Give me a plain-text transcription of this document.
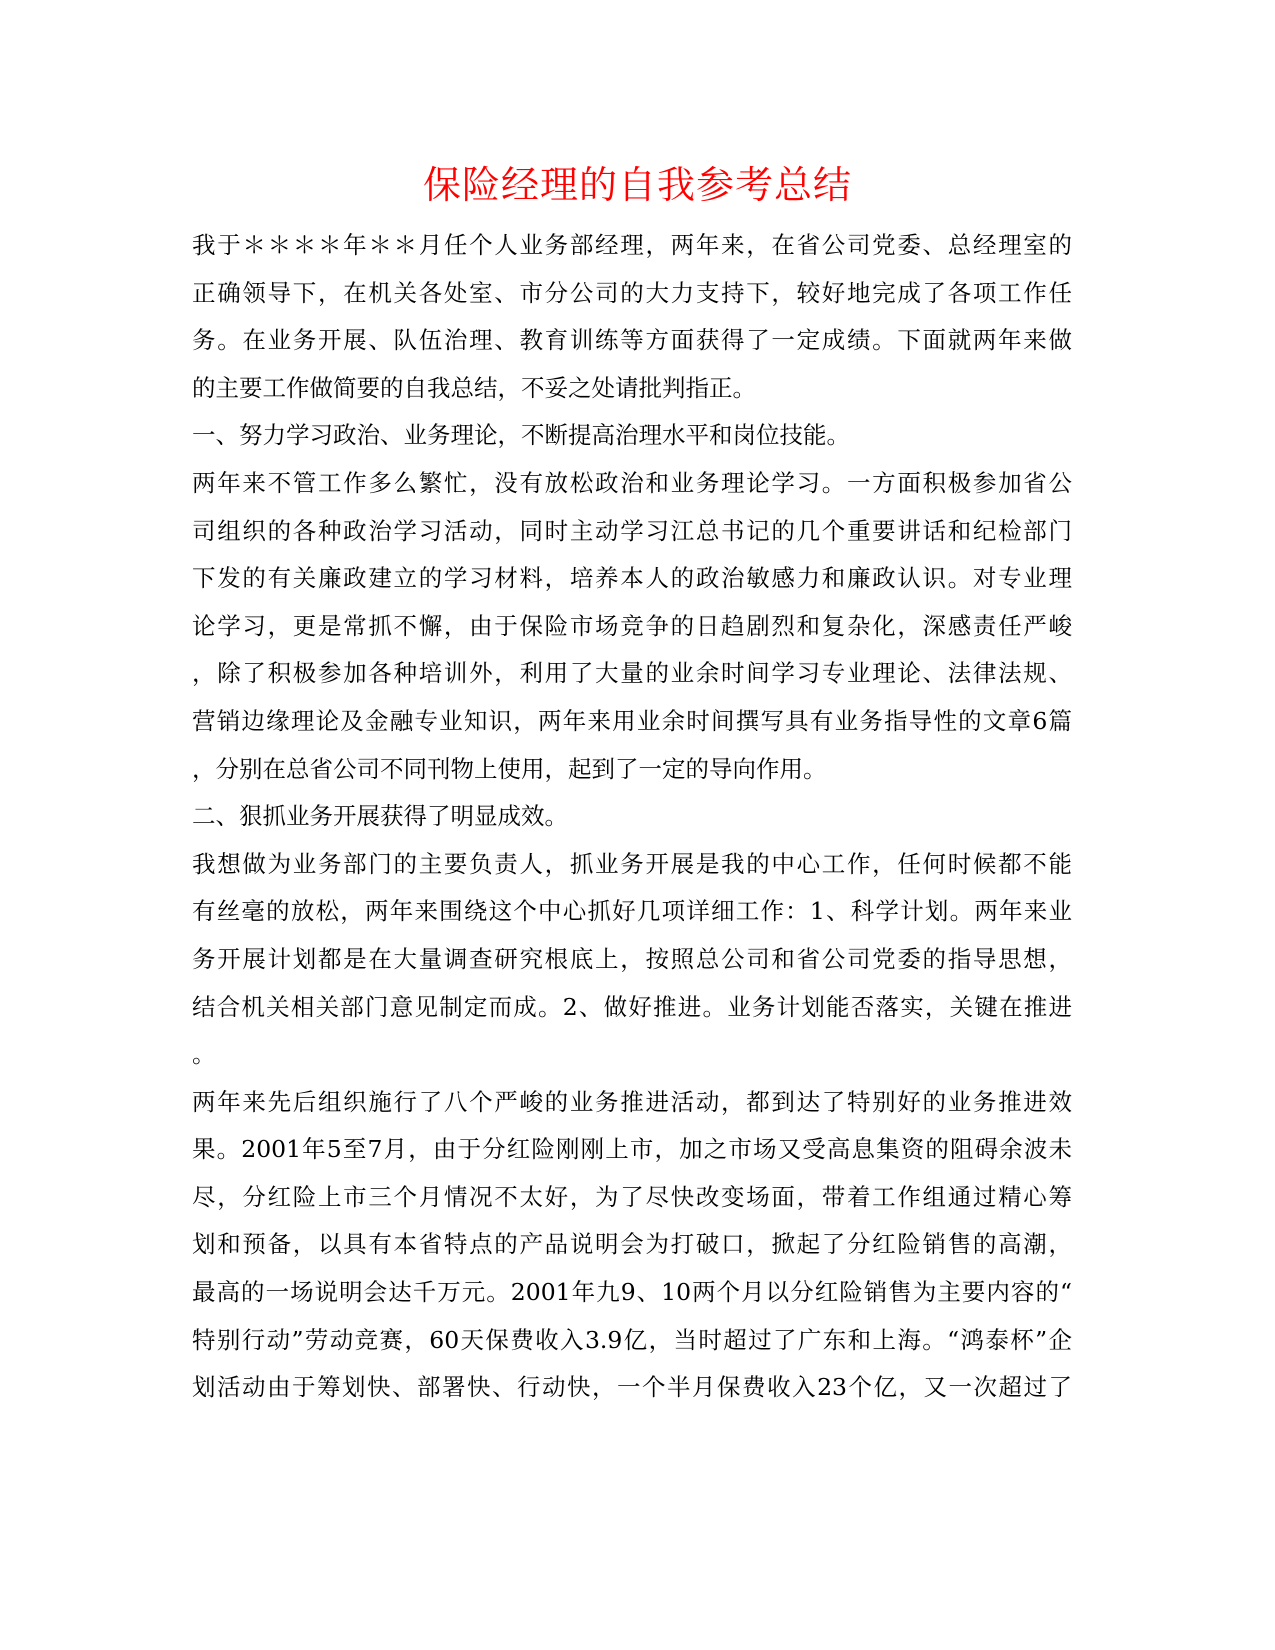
保险经理的自我参考总结
我于＊＊＊＊年＊＊月任个人业务部经理，两年来，在省公司党委、总经理室的
正确领导下，在机关各处室、市分公司的大力支持下，较好地完成了各项工作任
务。在业务开展、队伍治理、教育训练等方面获得了一定成绩。下面就两年来做
的主要工作做简要的自我总结，不妥之处请批判指正。
一、努力学习政治、业务理论，不断提高治理水平和岗位技能。
两年来不管工作多么繁忙，没有放松政治和业务理论学习。一方面积极参加省公
司组织的各种政治学习活动，同时主动学习江总书记的几个重要讲话和纪检部门
下发的有关廉政建立的学习材料，培养本人的政治敏感力和廉政认识。对专业理
论学习，更是常抓不懈，由于保险市场竞争的日趋剧烈和复杂化，深感责任严峻
，除了积极参加各种培训外，利用了大量的业余时间学习专业理论、法律法规、
营销边缘理论及金融专业知识，两年来用业余时间撰写具有业务指导性的文章6篇
，分别在总省公司不同刊物上使用，起到了一定的导向作用。
二、狠抓业务开展获得了明显成效。
我想做为业务部门的主要负责人，抓业务开展是我的中心工作，任何时候都不能
有丝毫的放松，两年来围绕这个中心抓好几项详细工作：1、科学计划。两年来业
务开展计划都是在大量调查研究根底上，按照总公司和省公司党委的指导思想，
结合机关相关部门意见制定而成。2、做好推进。业务计划能否落实，关键在推进
。
两年来先后组织施行了八个严峻的业务推进活动，都到达了特别好的业务推进效
果。2001年5至7月，由于分红险刚刚上市，加之市场又受高息集资的阻碍余波未
尽，分红险上市三个月情况不太好，为了尽快改变场面，带着工作组通过精心筹
划和预备，以具有本省特点的产品说明会为打破口，掀起了分红险销售的高潮，
最高的一场说明会达千万元。2001年九9、10两个月以分红险销售为主要内容的“
特别行动”劳动竞赛，60天保费收入3.9亿，当时超过了广东和上海。“鸿泰杯”企
划活动由于筹划快、部署快、行动快，一个半月保费收入23个亿，又一次超过了
